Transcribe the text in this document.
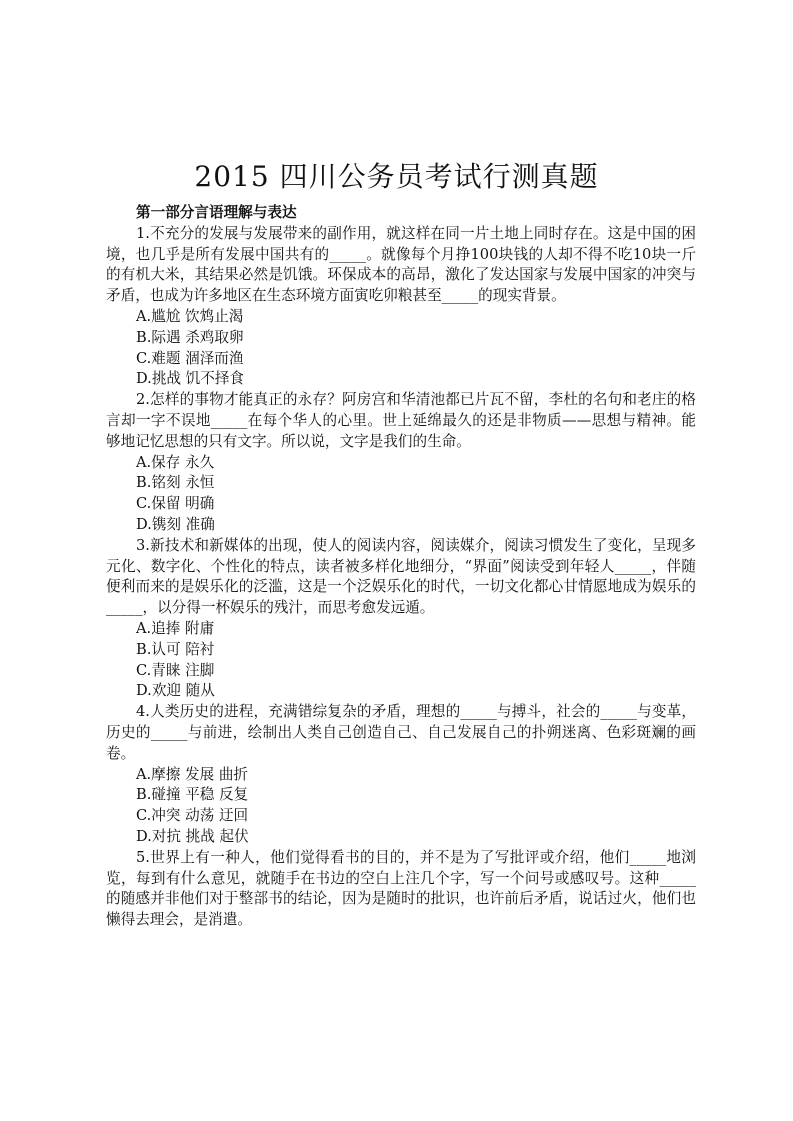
2015 四川公务员考试行测真题

第一部分言语理解与表达

1.不充分的发展与发展带来的副作用，就这样在同一片土地上同时存在。这是中国的困境，也几乎是所有发展中国共有的_____。就像每个月挣100块钱的人却不得不吃10块一斤的有机大米，其结果必然是饥饿。环保成本的高昂，激化了发达国家与发展中国家的冲突与矛盾，也成为许多地区在生态环境方面寅吃卯粮甚至_____的现实背景。

A.尴尬 饮鸩止渴
B.际遇 杀鸡取卵
C.难题 涸泽而渔
D.挑战 饥不择食

2.怎样的事物才能真正的永存？阿房宫和华清池都已片瓦不留，李杜的名句和老庄的格言却一字不误地_____在每个华人的心里。世上延绵最久的还是非物质——思想与精神。能够地记忆思想的只有文字。所以说，文字是我们的生命。

A.保存 永久
B.铭刻 永恒
C.保留 明确
D.镌刻 准确

3.新技术和新媒体的出现，使人的阅读内容，阅读媒介，阅读习惯发生了变化，呈现多元化、数字化、个性化的特点，读者被多样化地细分，“界面”阅读受到年轻人_____，伴随便利而来的是娱乐化的泛滥，这是一个泛娱乐化的时代，一切文化都心甘情愿地成为娱乐的_____，以分得一杯娱乐的残汁，而思考愈发远遁。

A.追捧 附庸
B.认可 陪衬
C.青睐 注脚
D.欢迎 随从

4.人类历史的进程，充满错综复杂的矛盾，理想的_____与搏斗，社会的_____与变革， 历史的_____与前进，绘制出人类自己创造自己、自己发展自己的扑朔迷离、色彩斑斓的画卷。

A.摩擦 发展 曲折
B.碰撞 平稳 反复
C.冲突 动荡 迂回
D.对抗 挑战 起伏

5.世界上有一种人，他们觉得看书的目的，并不是为了写批评或介绍，他们_____地浏览，每到有什么意见，就随手在书边的空白上注几个字，写一个问号或感叹号。这种_____的随感并非他们对于整部书的结论，因为是随时的批识，也许前后矛盾，说话过火，他们也懒得去理会，是消遣。
